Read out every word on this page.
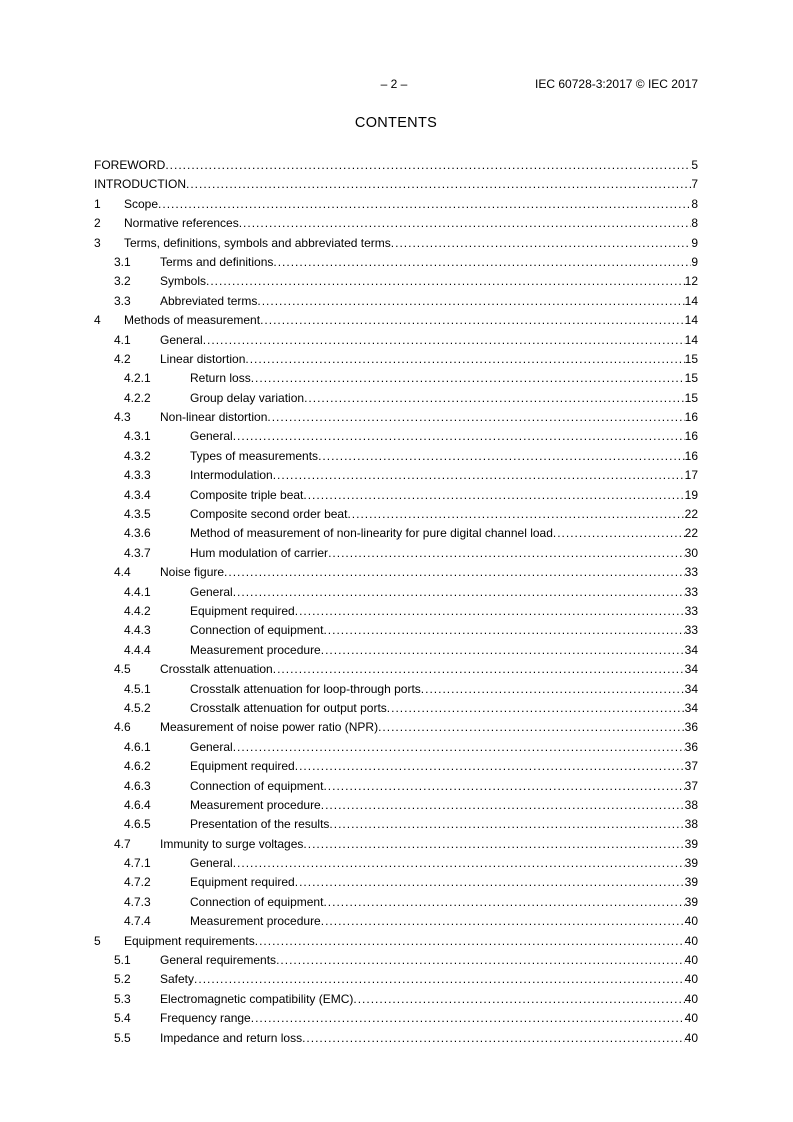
– 2 –	IEC 60728-3:2017 © IEC 2017
CONTENTS
FOREWORD .....	5
INTRODUCTION .....	7
1 Scope .....	8
2 Normative references .....	8
3 Terms, definitions, symbols and abbreviated terms .....	9
3.1 Terms and definitions .....	9
3.2 Symbols .....	12
3.3 Abbreviated terms .....	14
4 Methods of measurement .....	14
4.1 General .....	14
4.2 Linear distortion .....	15
4.2.1	Return loss .....	15
4.2.2	Group delay variation .....	15
4.3 Non-linear distortion .....	16
4.3.1	General .....	16
4.3.2	Types of measurements .....	16
4.3.3	Intermodulation .....	17
4.3.4	Composite triple beat .....	19
4.3.5	Composite second order beat .....	22
4.3.6	Method of measurement of non-linearity for pure digital channel load .....	22
4.3.7	Hum modulation of carrier .....	30
4.4 Noise figure .....	33
4.4.1	General .....	33
4.4.2	Equipment required .....	33
4.4.3	Connection of equipment .....	33
4.4.4	Measurement procedure .....	34
4.5 Crosstalk attenuation .....	34
4.5.1	Crosstalk attenuation for loop-through ports .....	34
4.5.2	Crosstalk attenuation for output ports .....	34
4.6 Measurement of noise power ratio (NPR) .....	36
4.6.1	General .....	36
4.6.2	Equipment required .....	37
4.6.3	Connection of equipment .....	37
4.6.4	Measurement procedure .....	38
4.6.5	Presentation of the results .....	38
4.7 Immunity to surge voltages .....	39
4.7.1	General .....	39
4.7.2	Equipment required .....	39
4.7.3	Connection of equipment .....	39
4.7.4	Measurement procedure .....	40
5 Equipment requirements .....	40
5.1 General requirements .....	40
5.2 Safety .....	40
5.3 Electromagnetic compatibility (EMC) .....	40
5.4 Frequency range .....	40
5.5 Impedance and return loss .....	40
